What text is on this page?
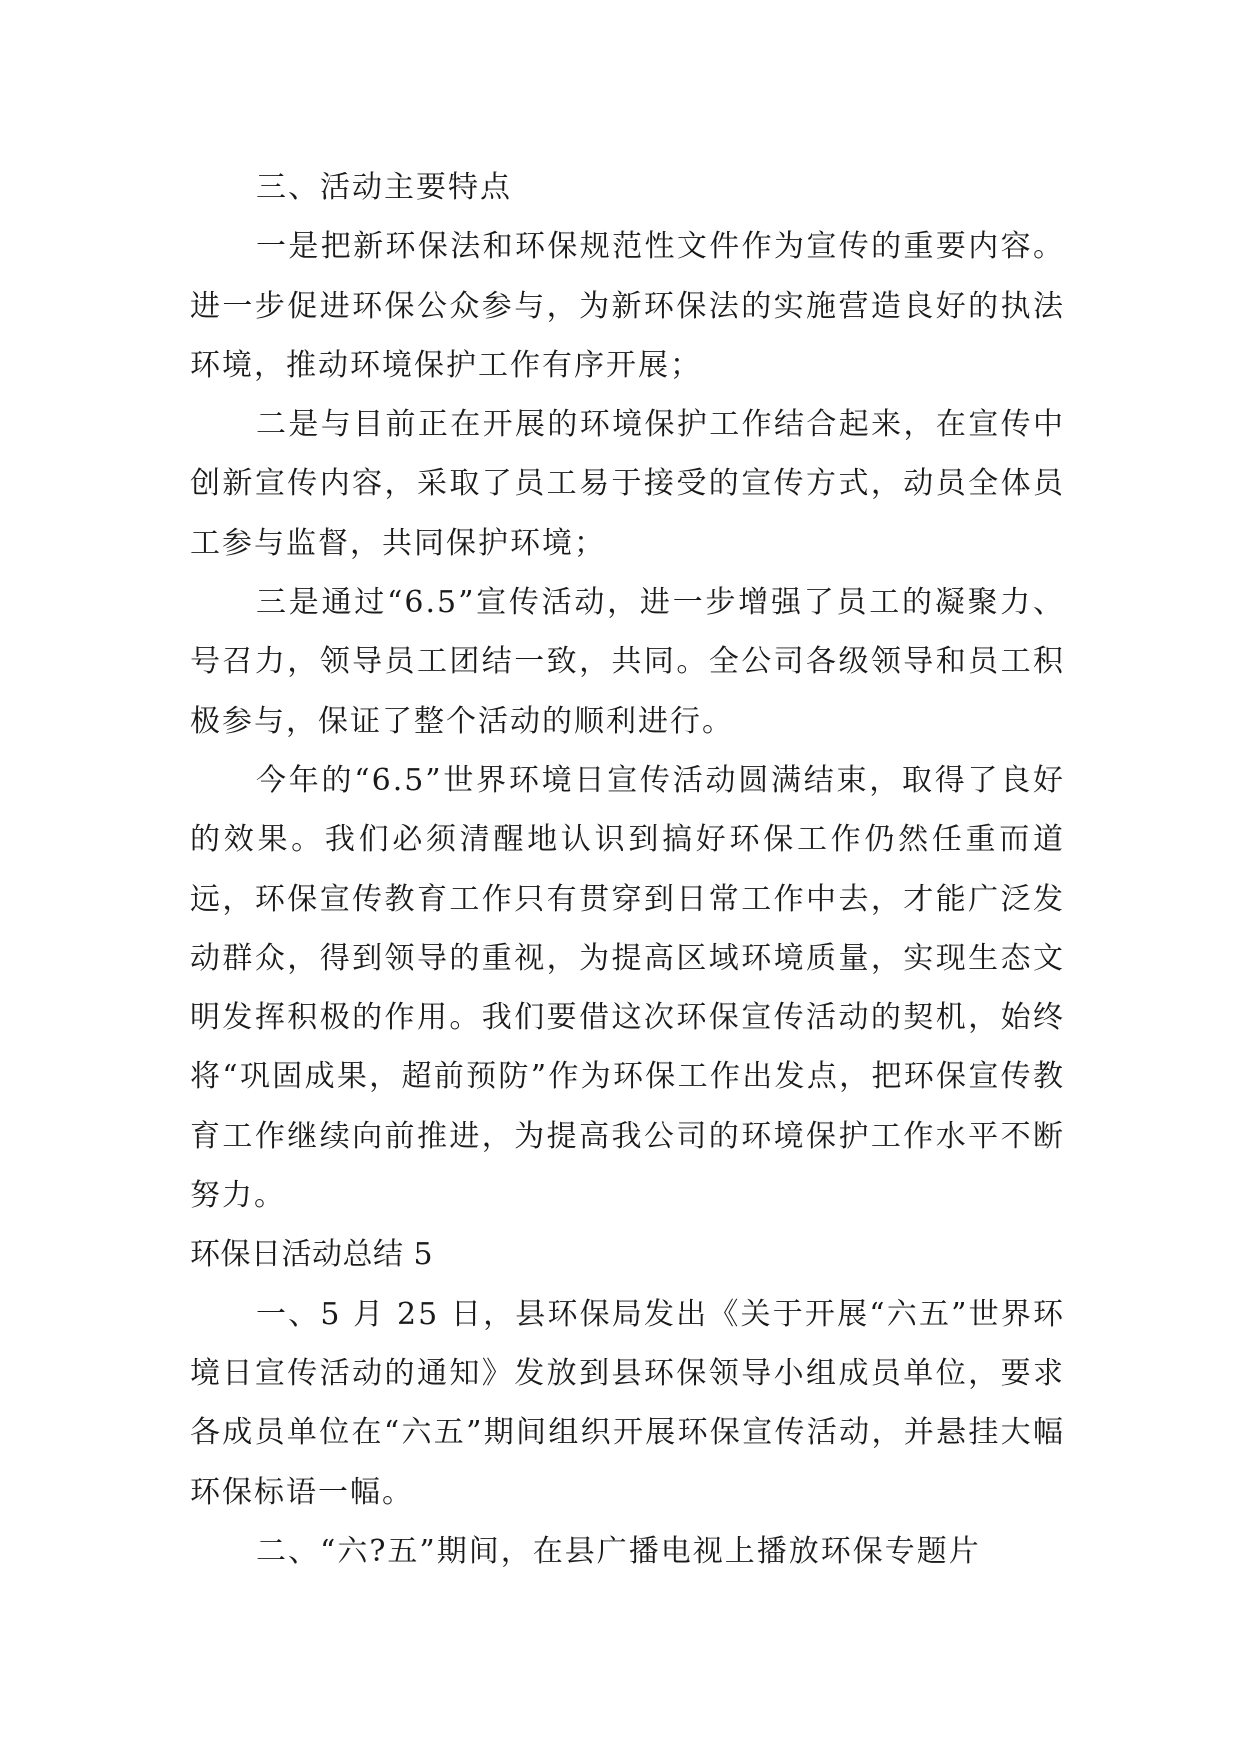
三、活动主要特点

一是把新环保法和环保规范性文件作为宣传的重要内容。进一步促进环保公众参与，为新环保法的实施营造良好的执法环境，推动环境保护工作有序开展；

二是与目前正在开展的环境保护工作结合起来，在宣传中创新宣传内容，采取了员工易于接受的宣传方式，动员全体员工参与监督，共同保护环境；

三是通过“6.5”宣传活动，进一步增强了员工的凝聚力、号召力，领导员工团结一致，共同。全公司各级领导和员工积极参与，保证了整个活动的顺利进行。

今年的“6.5”世界环境日宣传活动圆满结束，取得了良好的效果。我们必须清醒地认识到搞好环保工作仍然任重而道远，环保宣传教育工作只有贯穿到日常工作中去，才能广泛发动群众，得到领导的重视，为提高区域环境质量，实现生态文明发挥积极的作用。我们要借这次环保宣传活动的契机，始终将“巩固成果，超前预防”作为环保工作出发点，把环保宣传教育工作继续向前推进，为提高我公司的环境保护工作水平不断努力。

环保日活动总结 5

一、5 月 25 日，县环保局发出《关于开展“六五”世界环境日宣传活动的通知》发放到县环保领导小组成员单位，要求各成员单位在“六五”期间组织开展环保宣传活动，并悬挂大幅环保标语一幅。

二、“六?五”期间，在县广播电视上播放环保专题片
